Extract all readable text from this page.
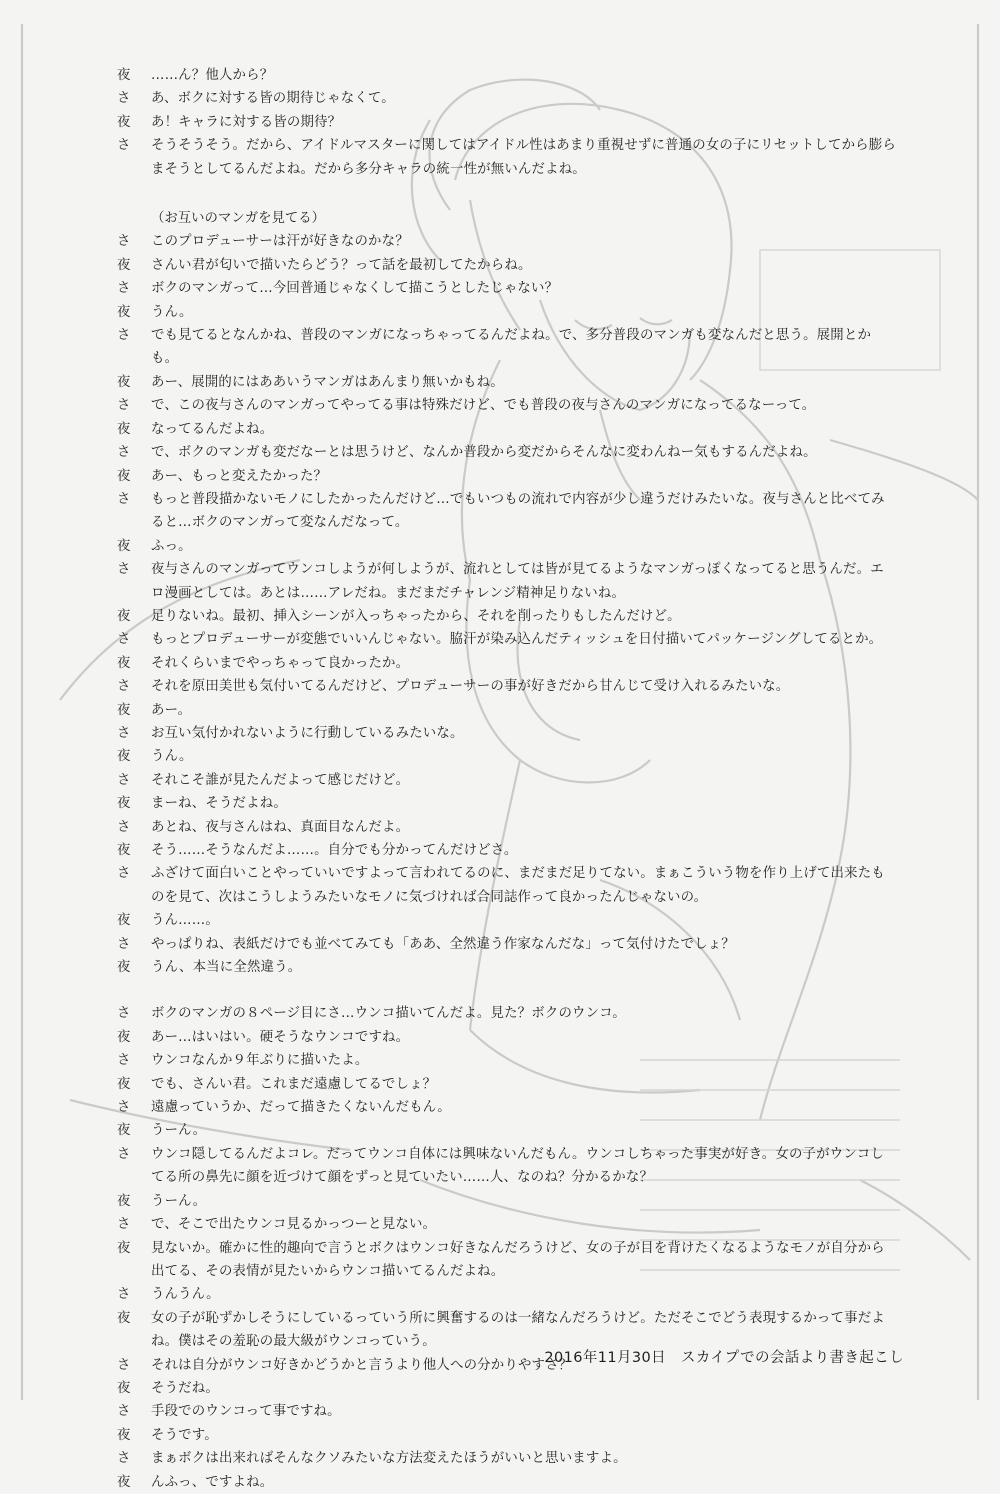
夜	……ん？他人から？
さ	あ、ボクに対する皆の期待じゃなくて。
夜	あ！キャラに対する皆の期待？
さ	そうそうそう。だから、アイドルマスターに関してはアイドル性はあまり重視せずに普通の女の子にリセットしてから膨らまそうとしてるんだよね。だから多分キャラの統一性が無いんだよね。
（お互いのマンガを見てる）
さ	このプロデューサーは汗が好きなのかな？
夜	さんい君が匂いで描いたらどう？って話を最初してたからね。
さ	ボクのマンガって…今回普通じゃなくして描こうとしたじゃない？
夜	うん。
さ	でも見てるとなんかね、普段のマンガになっちゃってるんだよね。で、多分普段のマンガも変なんだと思う。展開とかも。
夜	あー、展開的にはああいうマンガはあんまり無いかもね。
さ	で、この夜与さんのマンガってやってる事は特殊だけど、でも普段の夜与さんのマンガになってるなーって。
夜	なってるんだよね。
さ	で、ボクのマンガも変だなーとは思うけど、なんか普段から変だからそんなに変わんねー気もするんだよね。
夜	あー、もっと変えたかった？
さ	もっと普段描かないモノにしたかったんだけど…でもいつもの流れで内容が少し違うだけみたいな。夜与さんと比べてみると…ボクのマンガって変なんだなって。
夜	ふっ。
さ	夜与さんのマンガってウンコしようが何しようが、流れとしては皆が見てるようなマンガっぽくなってると思うんだ。エロ漫画としては。あとは……アレだね。まだまだチャレンジ精神足りないね。
夜	足りないね。最初、挿入シーンが入っちゃったから、それを削ったりもしたんだけど。
さ	もっとプロデューサーが変態でいいんじゃない。脇汗が染み込んだティッシュを日付描いてパッケージングしてるとか。
夜	それくらいまでやっちゃって良かったか。
さ	それを原田美世も気付いてるんだけど、プロデューサーの事が好きだから甘んじて受け入れるみたいな。
夜	あー。
さ	お互い気付かれないように行動しているみたいな。
夜	うん。
さ	それこそ誰が見たんだよって感じだけど。
夜	まーね、そうだよね。
さ	あとね、夜与さんはね、真面目なんだよ。
夜	そう……そうなんだよ……。自分でも分かってんだけどさ。
さ	ふざけて面白いことやっていいですよって言われてるのに、まだまだ足りてない。まぁこういう物を作り上げて出来たものを見て、次はこうしようみたいなモノに気づければ合同誌作って良かったんじゃないの。
夜	うん……。
さ	やっぱりね、表紙だけでも並べてみても「ああ、全然違う作家なんだな」って気付けたでしょ？
夜	うん、本当に全然違う。
さ	ボクのマンガの８ページ目にさ…ウンコ描いてんだよ。見た？ボクのウンコ。
夜	あー…はいはい。硬そうなウンコですね。
さ	ウンコなんか９年ぶりに描いたよ。
夜	でも、さんい君。これまだ遠慮してるでしょ？
さ	遠慮っていうか、だって描きたくないんだもん。
夜	うーん。
さ	ウンコ隠してるんだよコレ。だってウンコ自体には興味ないんだもん。ウンコしちゃった事実が好き。女の子がウンコしてる所の鼻先に顔を近づけて顔をずっと見ていたい……人、なのね？分かるかな？
夜	うーん。
さ	で、そこで出たウンコ見るかっつーと見ない。
夜	見ないか。確かに性的趣向で言うとボクはウンコ好きなんだろうけど、女の子が目を背けたくなるようなモノが自分から出てる、その表情が見たいからウンコ描いてるんだよね。
さ	うんうん。
夜	女の子が恥ずかしそうにしているっていう所に興奮するのは一緒なんだろうけど。ただそこでどう表現するかって事だよね。僕はその羞恥の最大級がウンコっていう。
さ	それは自分がウンコ好きかどうかと言うより他人への分かりやすさ？
夜	そうだね。
さ	手段でのウンコって事ですね。
夜	そうです。
さ	まぁボクは出来ればそんなクソみたいな方法変えたほうがいいと思いますよ。
夜	んふっ、ですよね。
2016年11月30日　スカイプでの会話より書き起こし
